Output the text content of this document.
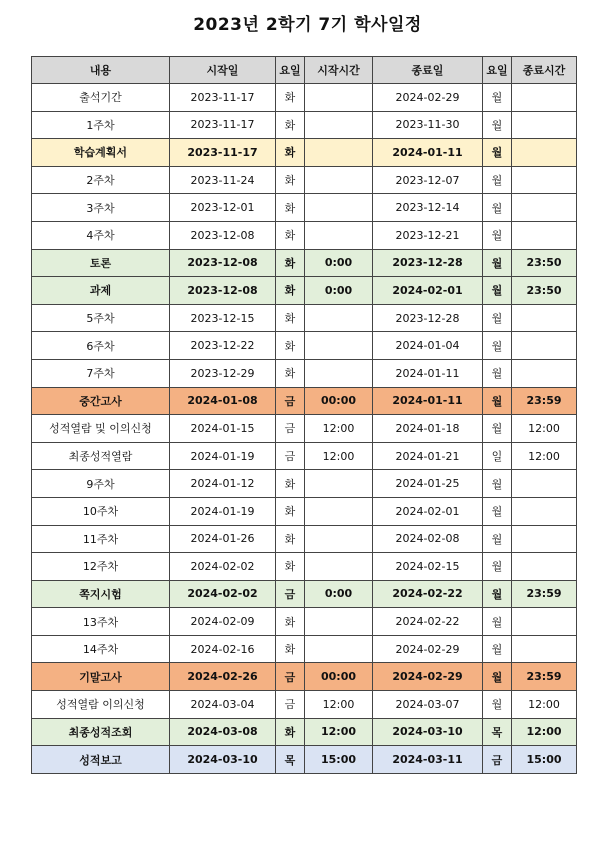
2023년 2학기 7기 학사일정
내용	시작일	요일	시작시간	종료일	요일	종료시간
출석기간	2023-11-17	화		2024-02-29	월	
1주차	2023-11-17	화		2023-11-30	월	
학습계획서	2023-11-17	화		2024-01-11	월	
2주차	2023-11-24	화		2023-12-07	월	
3주차	2023-12-01	화		2023-12-14	월	
4주차	2023-12-08	화		2023-12-21	월	
토론	2023-12-08	화	0:00	2023-12-28	월	23:50
과제	2023-12-08	화	0:00	2024-02-01	월	23:50
5주차	2023-12-15	화		2023-12-28	월	
6주차	2023-12-22	화		2024-01-04	월	
7주차	2023-12-29	화		2024-01-11	월	
중간고사	2024-01-08	금	00:00	2024-01-11	월	23:59
성적열람 및 이의신청	2024-01-15	금	12:00	2024-01-18	월	12:00
최종성적열람	2024-01-19	금	12:00	2024-01-21	일	12:00
9주차	2024-01-12	화		2024-01-25	월	
10주차	2024-01-19	화		2024-02-01	월	
11주차	2024-01-26	화		2024-02-08	월	
12주차	2024-02-02	화		2024-02-15	월	
쪽지시험	2024-02-02	금	0:00	2024-02-22	월	23:59
13주차	2024-02-09	화		2024-02-22	월	
14주차	2024-02-16	화		2024-02-29	월	
기말고사	2024-02-26	금	00:00	2024-02-29	월	23:59
성적열람 이의신청	2024-03-04	금	12:00	2024-03-07	월	12:00
최종성적조회	2024-03-08	화	12:00	2024-03-10	목	12:00
성적보고	2024-03-10	목	15:00	2024-03-11	금	15:00
